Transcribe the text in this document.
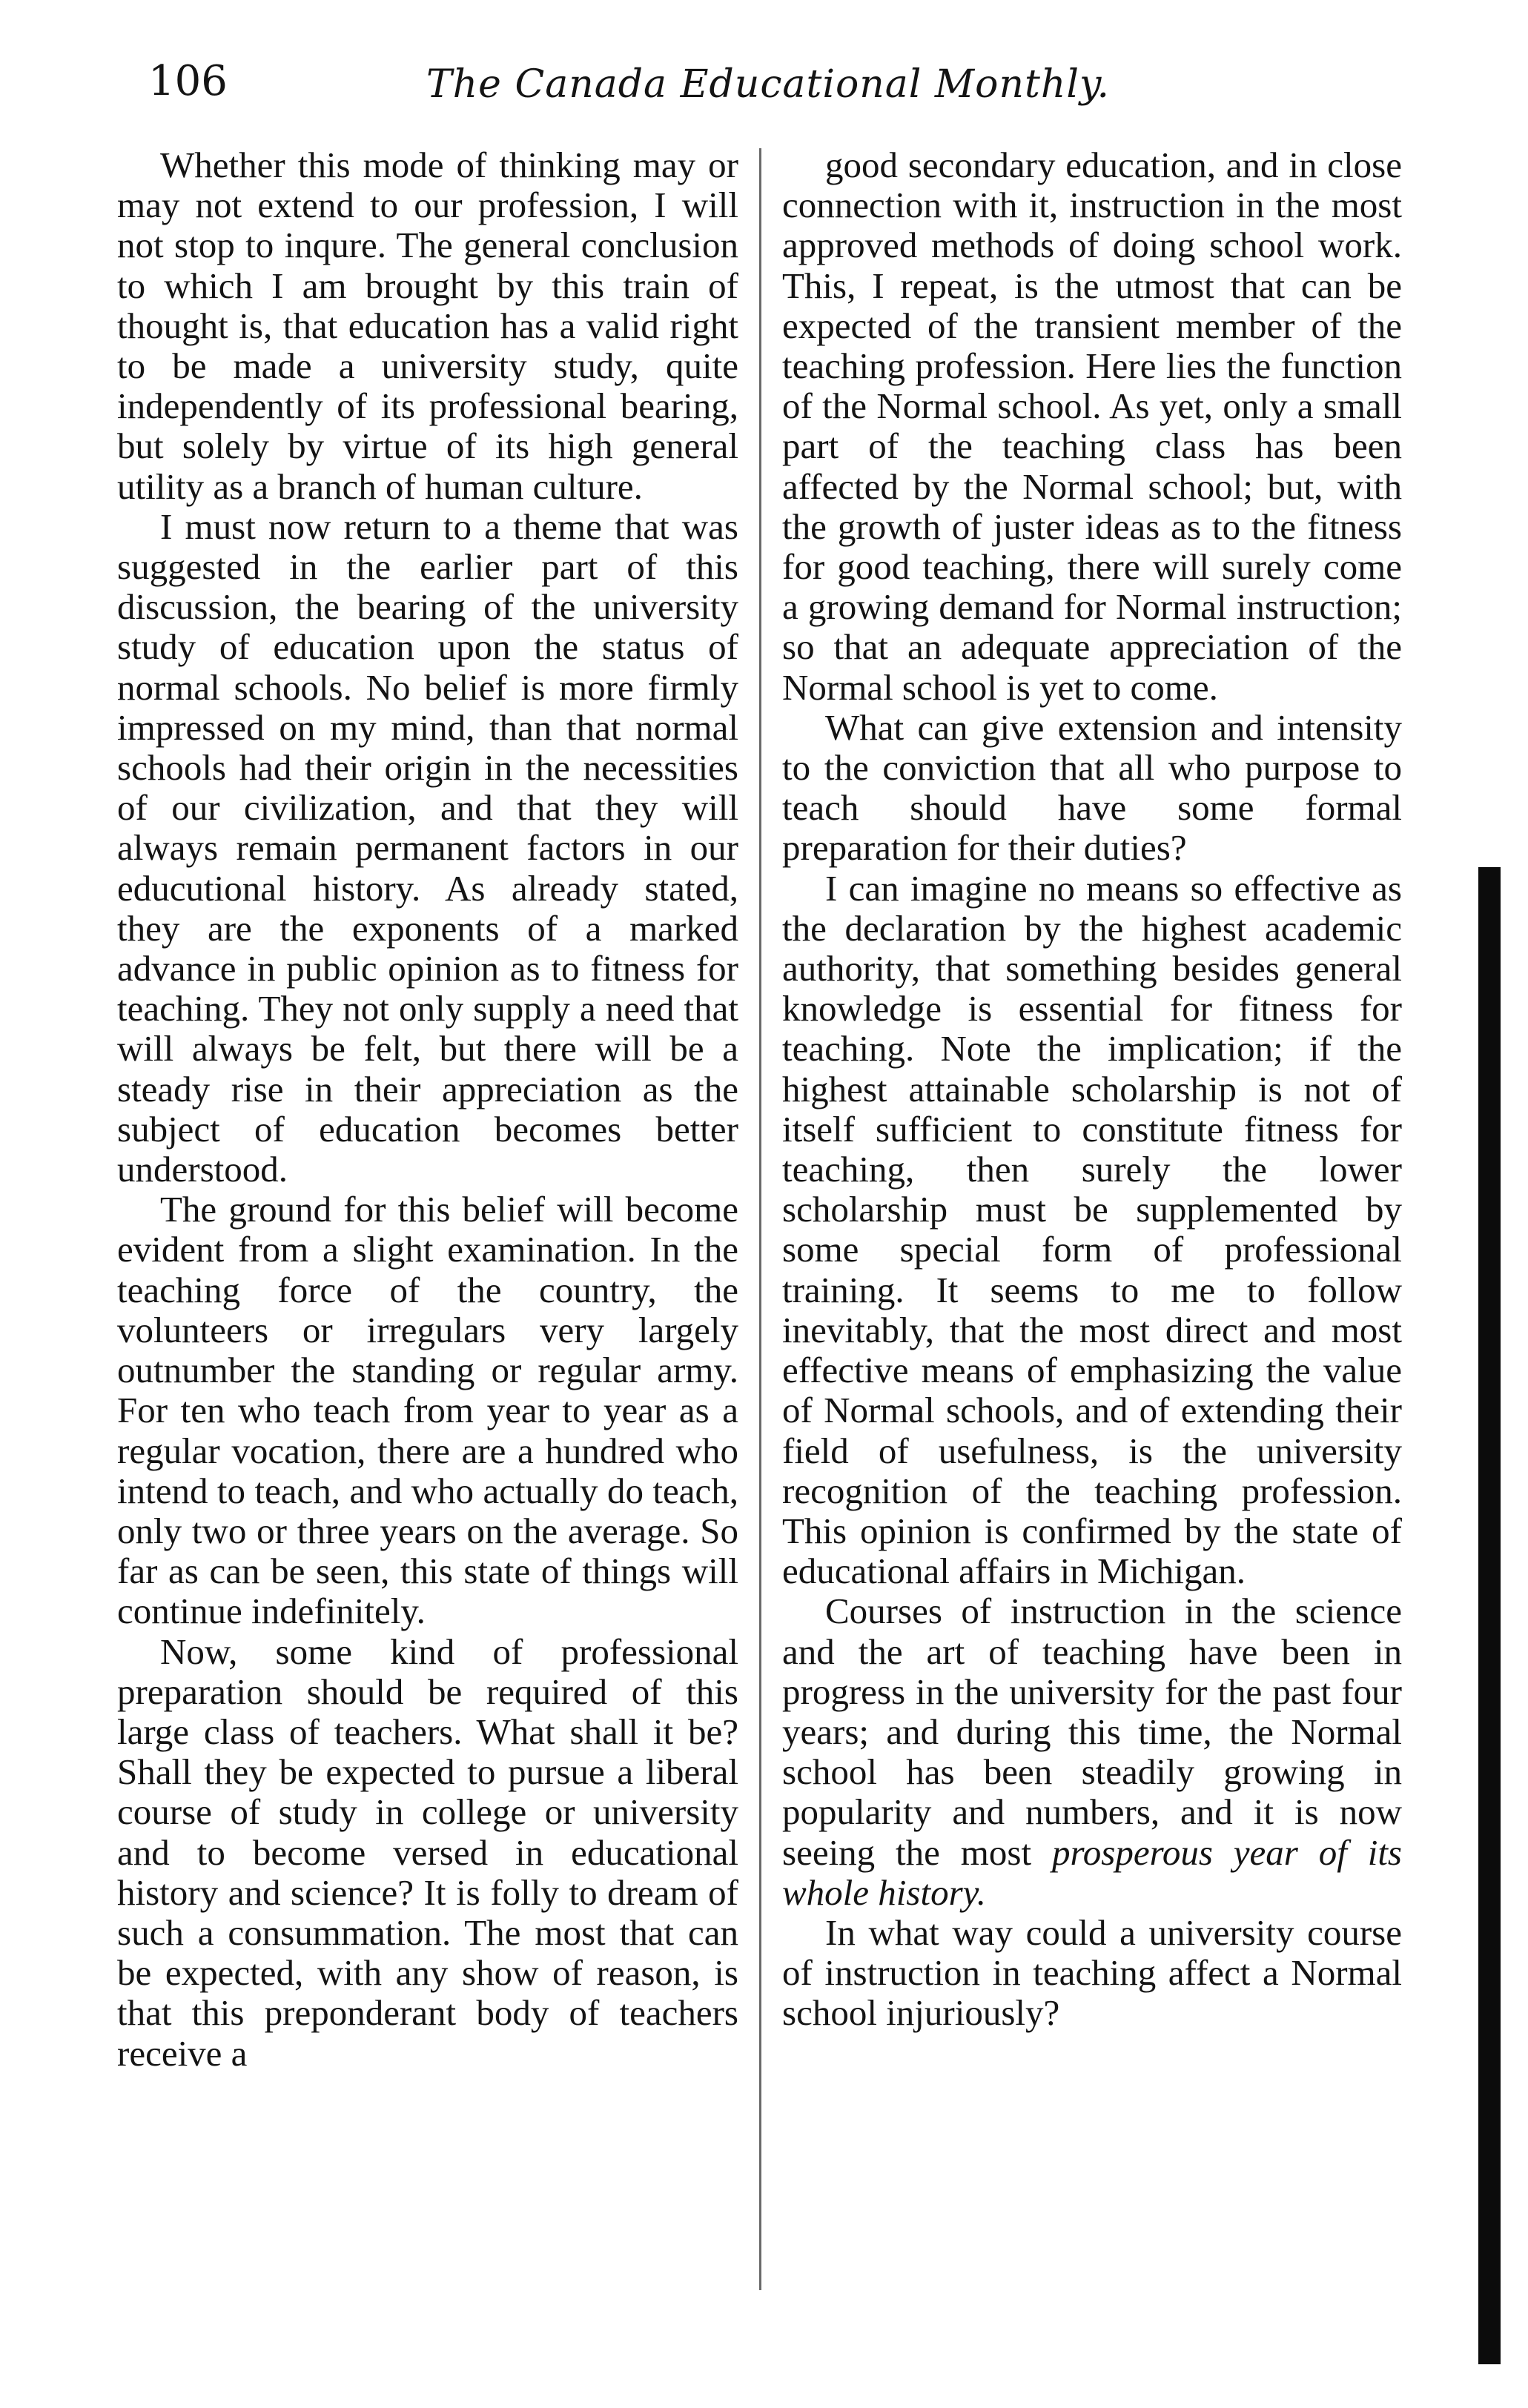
106	The Canada Educational Monthly.

Whether this mode of thinking may or may not extend to our profession, I will not stop to inqure. The general conclusion to which I am brought by this train of thought is, that education has a valid right to be made a university study, quite independently of its professional bearing, but solely by virtue of its high general utility as a branch of human culture.

I must now return to a theme that was suggested in the earlier part of this discussion, the bearing of the university study of education upon the status of normal schools. No belief is more firmly impressed on my mind, than that normal schools had their origin in the necessities of our civilization, and that they will always remain permanent factors in our educutional history. As already stated, they are the exponents of a marked advance in public opinion as to fitness for teaching. They not only supply a need that will always be felt, but there will be a steady rise in their appreciation as the subject of education becomes better understood.

The ground for this belief will become evident from a slight examination. In the teaching force of the country, the volunteers or irregulars very largely outnumber the standing or regular army. For ten who teach from year to year as a regular vocation, there are a hundred who intend to teach, and who actually do teach, only two or three years on the average. So far as can be seen, this state of things will continue indefinitely.

Now, some kind of professional preparation should be required of this large class of teachers. What shall it be? Shall they be expected to pursue a liberal course of study in college or university and to become versed in educational history and science? It is folly to dream of such a consummation. The most that can be expected, with any show of reason, is that this preponderant body of teachers receive a

good secondary education, and in close connection with it, instruction in the most approved methods of doing school work. This, I repeat, is the utmost that can be expected of the transient member of the teaching profession. Here lies the function of the Normal school. As yet, only a small part of the teaching class has been affected by the Normal school; but, with the growth of juster ideas as to the fitness for good teaching, there will surely come a growing demand for Normal instruction; so that an adequate appreciation of the Normal school is yet to come.

What can give extension and intensity to the conviction that all who purpose to teach should have some formal preparation for their duties?

I can imagine no means so effective as the declaration by the highest academic authority, that something besides general knowledge is essential for fitness for teaching. Note the implication; if the highest attainable scholarship is not of itself sufficient to constitute fitness for teaching, then surely the lower scholarship must be supplemented by some special form of professional training. It seems to me to follow inevitably, that the most direct and most effective means of emphasizing the value of Normal schools, and of extending their field of usefulness, is the university recognition of the teaching profession. This opinion is confirmed by the state of educational affairs in Michigan.

Courses of instruction in the science and the art of teaching have been in progress in the university for the past four years; and during this time, the Normal school has been steadily growing in popularity and numbers, and it is now seeing the most prosperous year of its whole history.

In what way could a university course of instruction in teaching affect a Normal school injuriously?
